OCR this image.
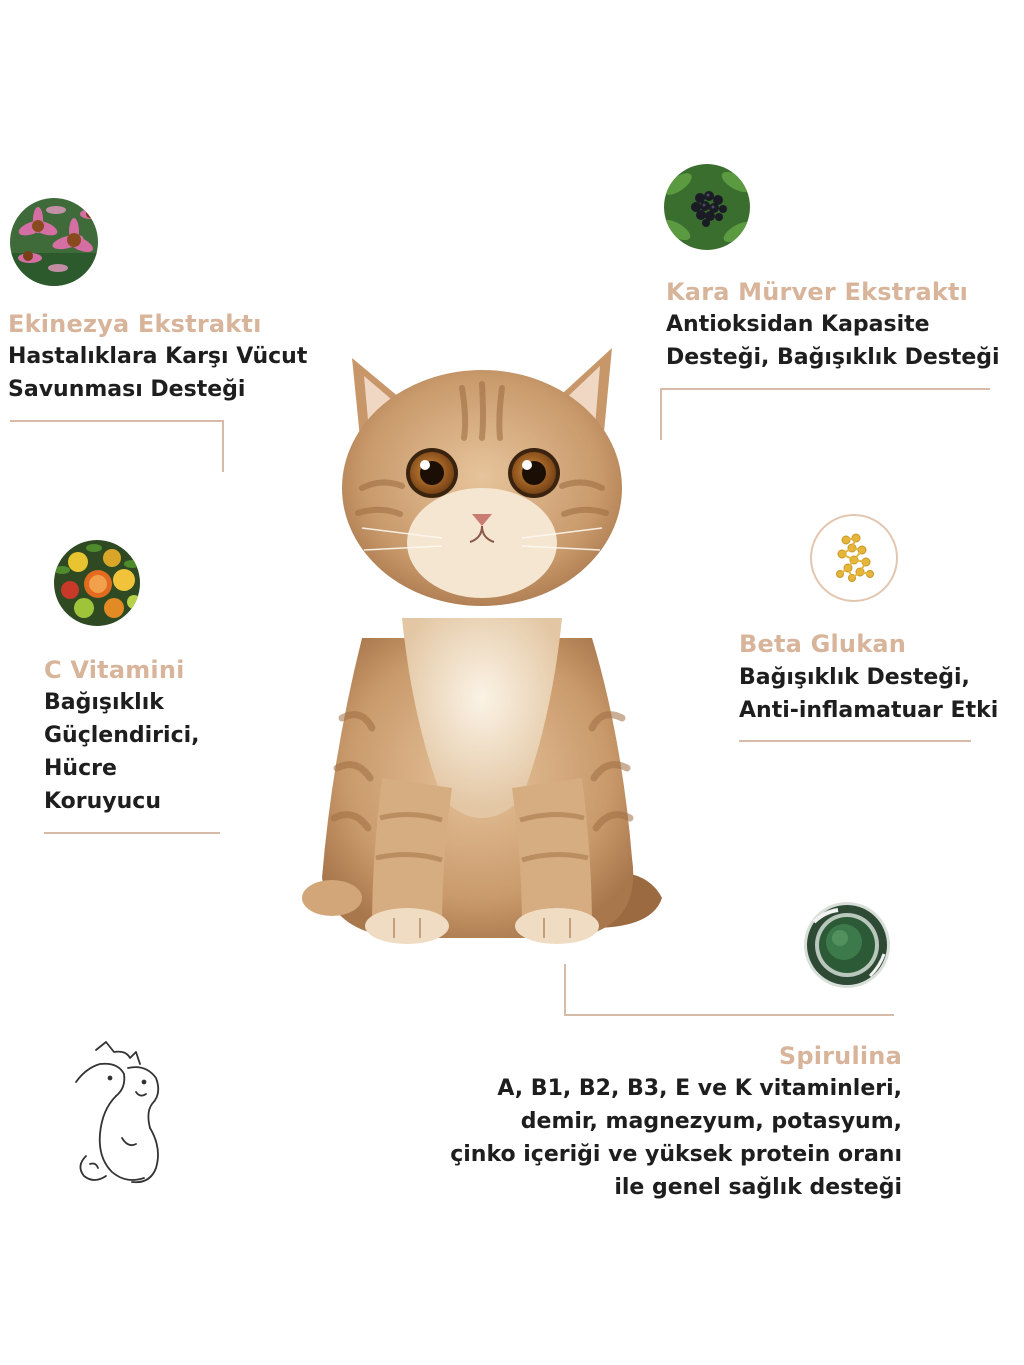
Ekinezya Ekstraktı
Hastalıklara Karşı Vücut
Savunması Desteği
Kara Mürver Ekstraktı
Antioksidan Kapasite
Desteği, Bağışıklık Desteği
C Vitamini
Bağışıklık
Güçlendirici,
Hücre
Koruyucu
Beta Glukan
Bağışıklık Desteği,
Anti-inflamatuar Etki
Spirulina
A, B1, B2, B3, E ve K vitaminleri,
demir, magnezyum, potasyum,
çinko içeriği ve yüksek protein oranı
ile genel sağlık desteği
